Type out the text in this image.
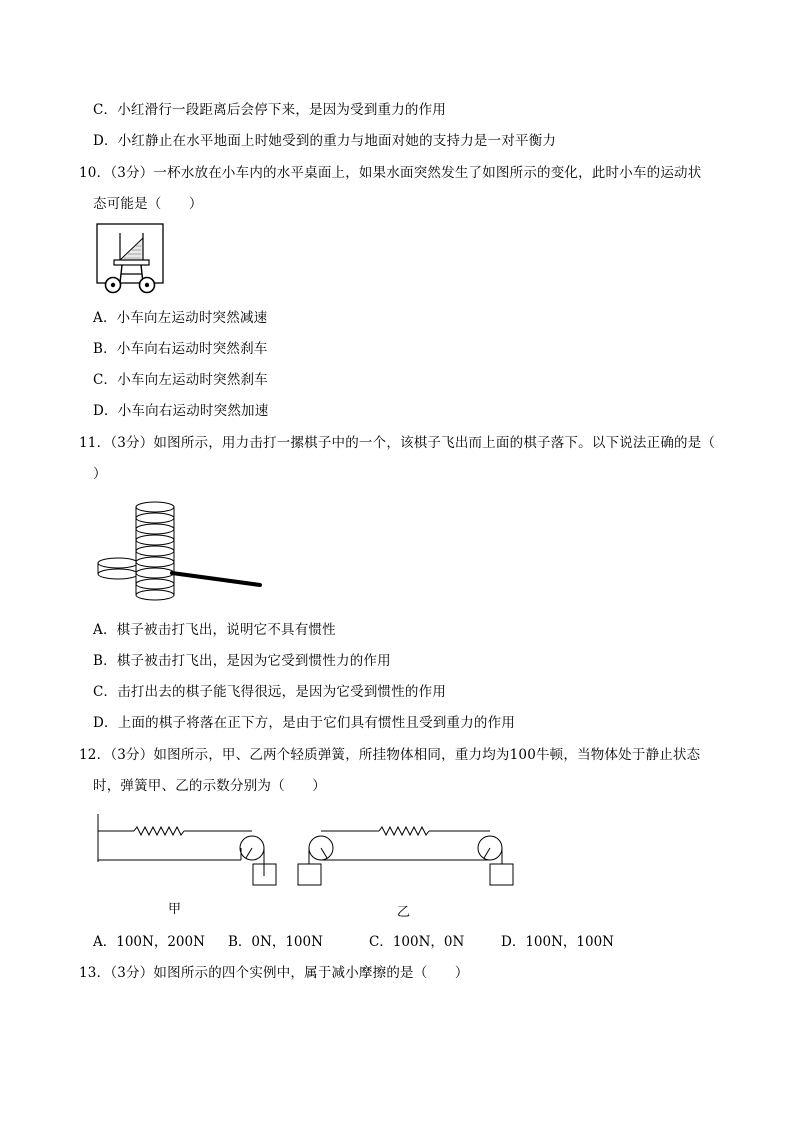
C．小红滑行一段距离后会停下来，是因为受到重力的作用
D．小红静止在水平地面上时她受到的重力与地面对她的支持力是一对平衡力
10．（3分）一杯水放在小车内的水平桌面上，如果水面突然发生了如图所示的变化，此时小车的运动状
态可能是（　　）
A．小车向左运动时突然减速
B．小车向右运动时突然刹车
C．小车向左运动时突然刹车
D．小车向右运动时突然加速
11．（3分）如图所示，用力击打一摞棋子中的一个，该棋子飞出而上面的棋子落下。以下说法正确的是（
）
A．棋子被击打飞出，说明它不具有惯性
B．棋子被击打飞出，是因为它受到惯性力的作用
C．击打出去的棋子能飞得很远，是因为它受到惯性的作用
D．上面的棋子将落在正下方，是由于它们具有惯性且受到重力的作用
12．（3分）如图所示，甲、乙两个轻质弹簧，所挂物体相同，重力均为100牛顿，当物体处于静止状态
时，弹簧甲、乙的示数分别为（　　）
甲	乙
A．100N，200N B．0N，100N	C．100N，0N	D．100N，100N
13．（3分）如图所示的四个实例中，属于减小摩擦的是（　　）
